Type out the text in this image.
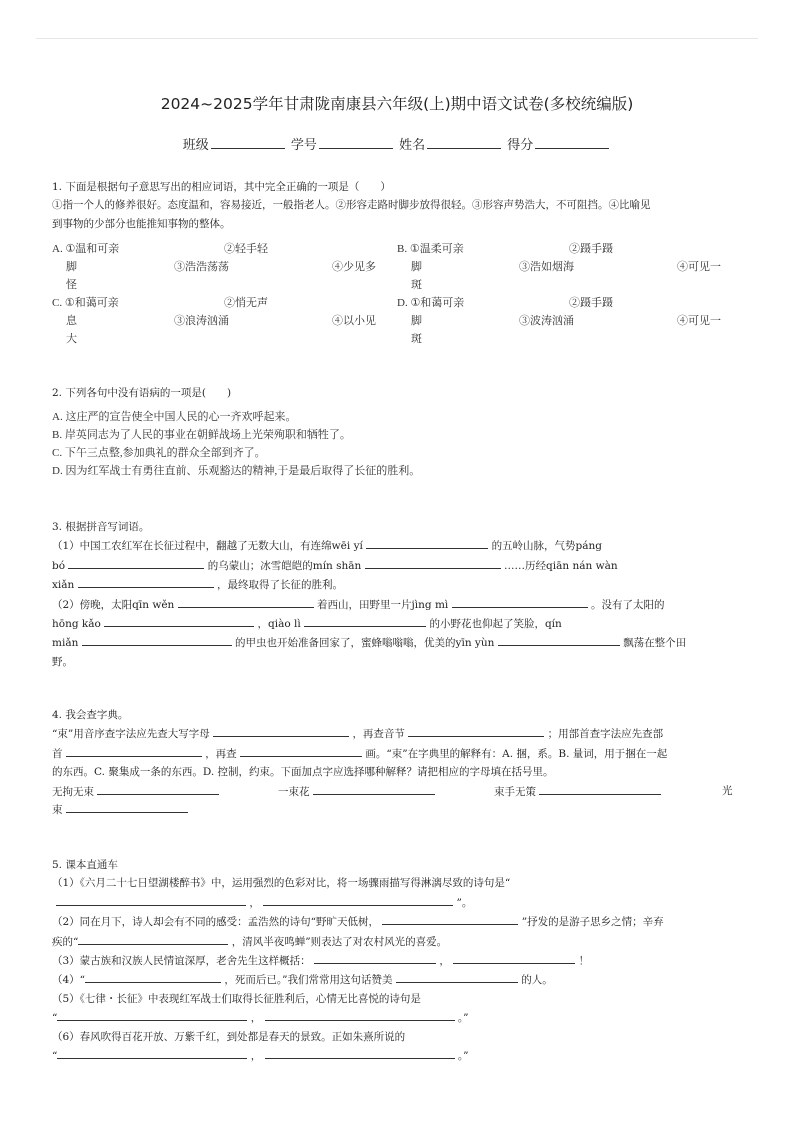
2024~2025学年甘肃陇南康县六年级(上)期中语文试卷(多校统编版)
班级	学号	姓名	得分

1. 下面是根据句子意思写出的相应词语，其中完全正确的一项是（　　）

①指一个人的修养很好。态度温和，容易接近，一般指老人。②形容走路时脚步放得很轻。③形容声势浩大，不可阻挡。④比喻见

到事物的少部分也能推知事物的整体。

A. ①温和可亲	②轻手轻
脚	③浩浩荡荡	④少见多
怪
B. ①温柔可亲	②蹑手蹑
脚	③浩如烟海	④可见一
斑
C. ①和蔼可亲	②悄无声
息	③浪涛汹涌	④以小见
大
D. ①和蔼可亲	②蹑手蹑
脚	③波涛汹涌	④可见一
斑

2. 下列各句中没有语病的一项是(　　)

A. 这庄严的宣告使全中国人民的心一齐欢呼起来。

B. 岸英同志为了人民的事业在朝鲜战场上光荣殉职和牺牲了。

C. 下午三点整,参加典礼的群众全部到齐了。

D. 因为红军战士有勇往直前、乐观豁达的精神,于是最后取得了长征的胜利。

3. 根据拼音写词语。

（1）中国工农红军在长征过程中，翻越了无数大山，有连绵wēi yí	的五岭山脉，气势páng

bó	的乌蒙山；冰雪皑皑的mín shān	……历经qiān nán wàn

xiǎn	，最终取得了长征的胜利。

（2）傍晚，太阳qīn wěn	着西山，田野里一片jìng mì	。没有了太阳的

hōng kǎo	，qiào lì	的小野花也仰起了笑脸，qín

miǎn	的甲虫也开始准备回家了，蜜蜂嗡嗡嗡，优美的yīn yùn	飘荡在整个田

野。

4. 我会查字典。

“束”用音序查字法应先查大写字母	，再查音节	；用部首查字法应先查部

首	，再查	画。“束”在字典里的解释有：A. 捆，系。B. 量词，用于捆在一起

的东西。C. 聚集成一条的东西。D. 控制，约束。下面加点字应选择哪种解释？请把相应的字母填在括号里。

无拘无束	一束花	束手无策	光

束

5. 课本直通车

（1）《六月二十七日望湖楼醉书》中，运用强烈的色彩对比，将一场骤雨描写得淋漓尽致的诗句是“

，	”。

（2）同在月下，诗人却会有不同的感受：孟浩然的诗句“野旷天低树，	”抒发的是游子思乡之情；辛弃

疾的“	，清风半夜鸣蝉”则表达了对农村风光的喜爱。

（3）蒙古族和汉族人民情谊深厚，老舍先生这样概括：	，	！

（4）“	，死而后已。”我们常常用这句话赞美	的人。

（5）《七律・长征》中表现红军战士们取得长征胜利后，心情无比喜悦的诗句是

“	，	。”

（6）春风吹得百花开放、万紫千红，到处都是春天的景致。正如朱熹所说的

“	，	。”
